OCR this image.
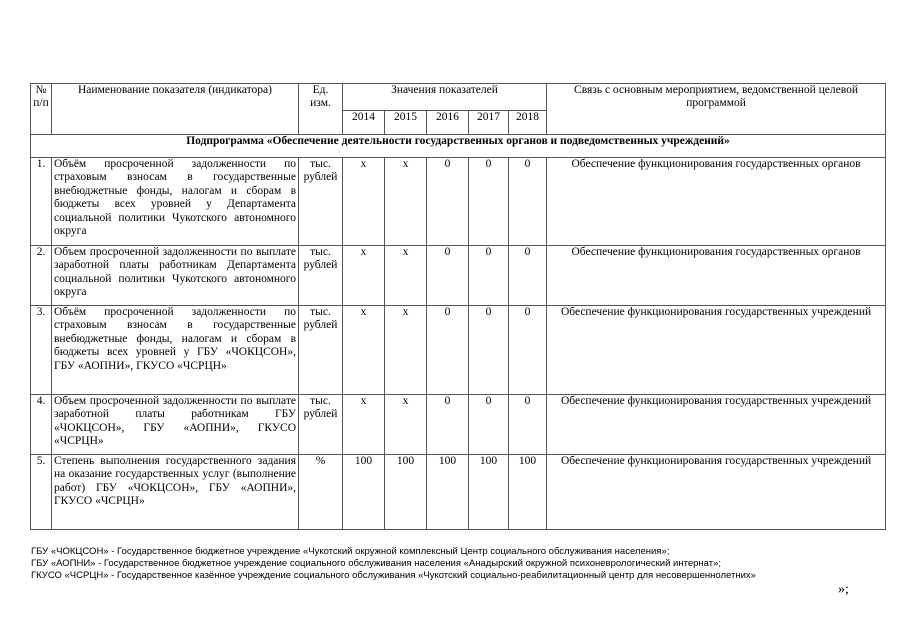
№ п/п	Наименование показателя (индикатора)	Ед. изм.	Значения показателей					Связь с основным мероприятием, ведомственной целевой программой
			2014	2015	2016	2017	2018	
Подпрограмма «Обеспечение деятельности государственных органов и подведомственных учреждений»								
1.	Объём просроченной задолженности по страховым взносам в государственные внебюджетные фонды, налогам и сборам в бюджеты всех уровней у Департамента социальной политики Чукотского автономного округа	тыс. рублей	х	х	0	0	0	Обеспечение функционирования государственных органов
2.	Объем просроченной задолженности по выплате заработной платы работникам Департамента социальной политики Чукотского автономного округа	тыс. рублей	х	х	0	0	0	Обеспечение функционирования государственных органов
3.	Объём просроченной задолженности по страховым взносам в государственные внебюджетные фонды, налогам и сборам в бюджеты всех уровней у ГБУ «ЧОКЦСОН», ГБУ «АОПНИ», ГКУСО «ЧСРЦН»	тыс. рублей	х	х	0	0	0	Обеспечение функционирования государственных учреждений
4.	Объем просроченной задолженности по выплате заработной платы работникам ГБУ «ЧОКЦСОН», ГБУ «АОПНИ», ГКУСО «ЧСРЦН»	тыс. рублей	х	х	0	0	0	Обеспечение функционирования государственных учреждений
5.	Степень выполнения государственного задания на оказание государственных услуг (выполнение работ) ГБУ «ЧОКЦСОН», ГБУ «АОПНИ», ГКУСО «ЧСРЦН»	%	100	100	100	100	100	Обеспечение функционирования государственных учреждений
ГБУ «ЧОКЦСОН» - Государственное бюджетное учреждение «Чукотский окружной комплексный Центр социального обслуживания населения»;
ГБУ «АОПНИ» - Государственное бюджетное учреждение социального обслуживания населения «Анадырский окружной психоневрологический интернат»;
ГКУСО «ЧСРЦН» - Государственное казённое учреждение социального обслуживания «Чукотский социально-реабилитационный центр для несовершеннолетних»
»;
